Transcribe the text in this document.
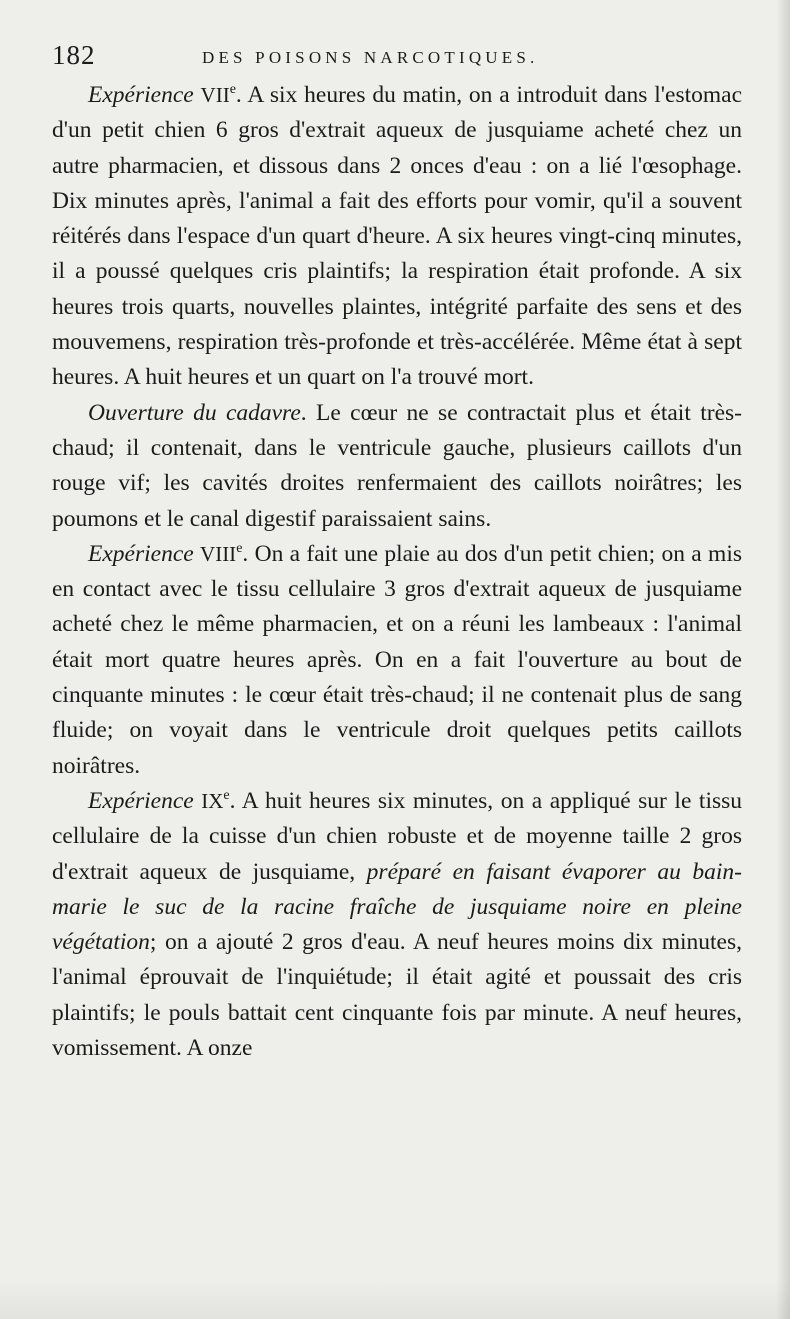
182	DES POISONS NARCOTIQUES.

Expérience VIIe. A six heures du matin, on a introduit dans l'estomac d'un petit chien 6 gros d'extrait aqueux de jusquiame acheté chez un autre pharmacien, et dissous dans 2 onces d'eau : on a lié l'œsophage. Dix minutes après, l'animal a fait des efforts pour vomir, qu'il a souvent réitérés dans l'espace d'un quart d'heure. A six heures vingt-cinq minutes, il a poussé quelques cris plaintifs; la respiration était profonde. A six heures trois quarts, nouvelles plaintes, intégrité parfaite des sens et des mouvemens, respiration très-profonde et très-accélérée. Même état à sept heures. A huit heures et un quart on l'a trouvé mort.

Ouverture du cadavre. Le cœur ne se contractait plus et était très-chaud; il contenait, dans le ventricule gauche, plusieurs caillots d'un rouge vif; les cavités droites renfermaient des caillots noirâtres; les poumons et le canal digestif paraissaient sains.

Expérience VIIIe. On a fait une plaie au dos d'un petit chien; on a mis en contact avec le tissu cellulaire 3 gros d'extrait aqueux de jusquiame acheté chez le même pharmacien, et on a réuni les lambeaux : l'animal était mort quatre heures après. On en a fait l'ouverture au bout de cinquante minutes : le cœur était très-chaud; il ne contenait plus de sang fluide; on voyait dans le ventricule droit quelques petits caillots noirâtres.

Expérience IXe. A huit heures six minutes, on a appliqué sur le tissu cellulaire de la cuisse d'un chien robuste et de moyenne taille 2 gros d'extrait aqueux de jusquiame, préparé en faisant évaporer au bain-marie le suc de la racine fraîche de jusquiame noire en pleine végétation; on a ajouté 2 gros d'eau. A neuf heures moins dix minutes, l'animal éprouvait de l'inquiétude; il était agité et poussait des cris plaintifs; le pouls battait cent cinquante fois par minute. A neuf heures, vomissement. A onze
